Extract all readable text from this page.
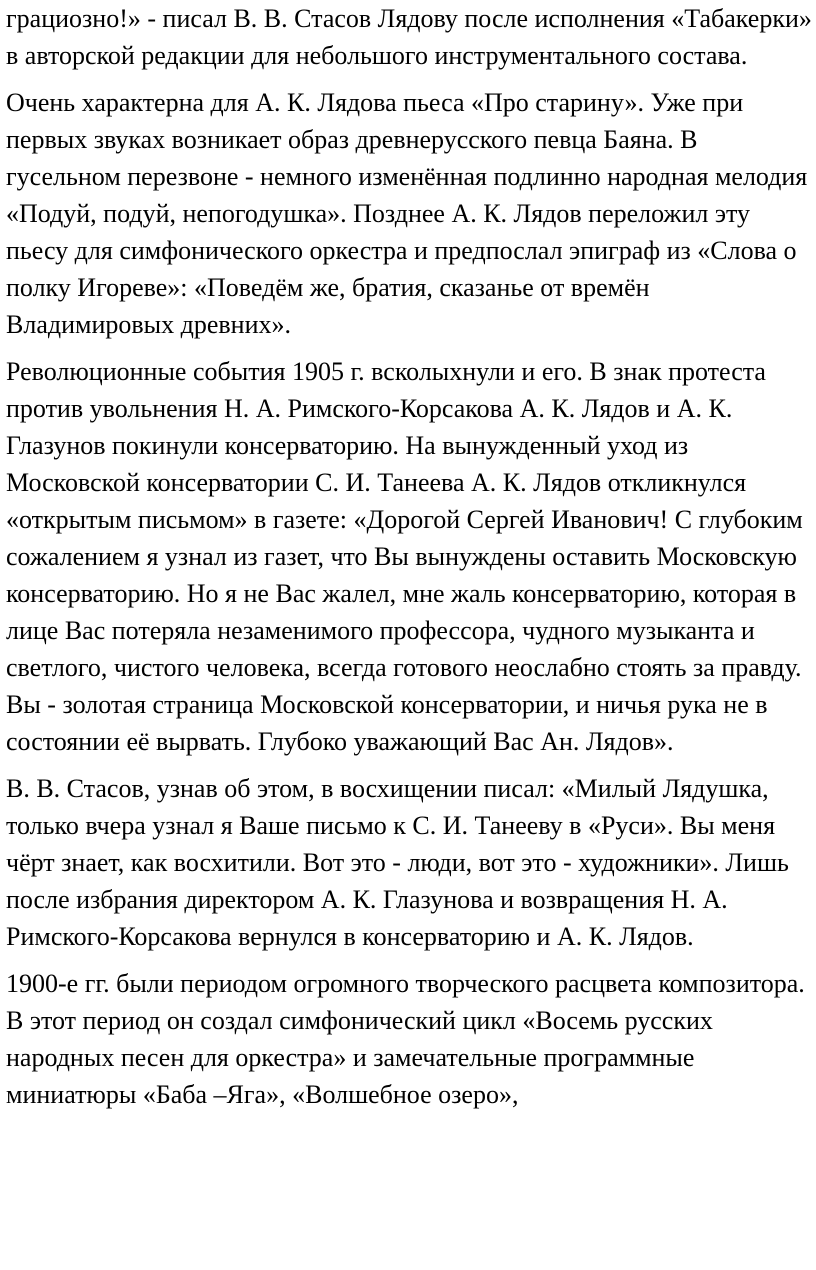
грациозно!» - писал В. В. Стасов Лядову после исполнения «Табакерки» в авторской редакции для небольшого инструментального состава.

Очень характерна для А. К. Лядова пьеса «Про старину». Уже при первых звуках возникает образ древнерусского певца Баяна. В гусельном перезвоне - немного изменённая подлинно народная мелодия «Подуй, подуй, непогодушка». Позднее А. К. Лядов переложил эту пьесу для симфонического оркестра и предпослал эпиграф из «Слова о полку Игореве»: «Поведём же, братия, сказанье от времён Владимировых древних».

Революционные события 1905 г. всколыхнули и его. В знак протеста против увольнения Н. А. Римского-Корсакова А. К. Лядов и А. К. Глазунов покинули консерваторию. На вынужденный уход из Московской консерватории С. И. Танеева А. К. Лядов откликнулся «открытым письмом» в газете: «Дорогой Сергей Иванович! С глубоким сожалением я узнал из газет, что Вы вынуждены оставить Московскую консерваторию. Но я не Вас жалел, мне жаль консерваторию, которая в лице Вас потеряла незаменимого профессора, чудного музыканта и светлого, чистого человека, всегда готового неослабно стоять за правду. Вы - золотая страница Московской консерватории, и ничья рука не в состоянии её вырвать. Глубоко уважающий Вас Ан. Лядов».

В. В. Стасов, узнав об этом, в восхищении писал: «Милый Лядушка, только вчера узнал я Ваше письмо к С. И. Танееву в «Руси». Вы меня чёрт знает, как восхитили. Вот это - люди, вот это - художники». Лишь после избрания директором А. К. Глазунова и возвращения Н. А. Римского-Корсакова вернулся в консерваторию и А. К. Лядов.

1900-е гг. были периодом огромного творческого расцвета композитора. В этот период он создал симфонический цикл «Восемь русских народных песен для оркестра» и замечательные программные миниатюры «Баба –Яга», «Волшебное озеро»,
